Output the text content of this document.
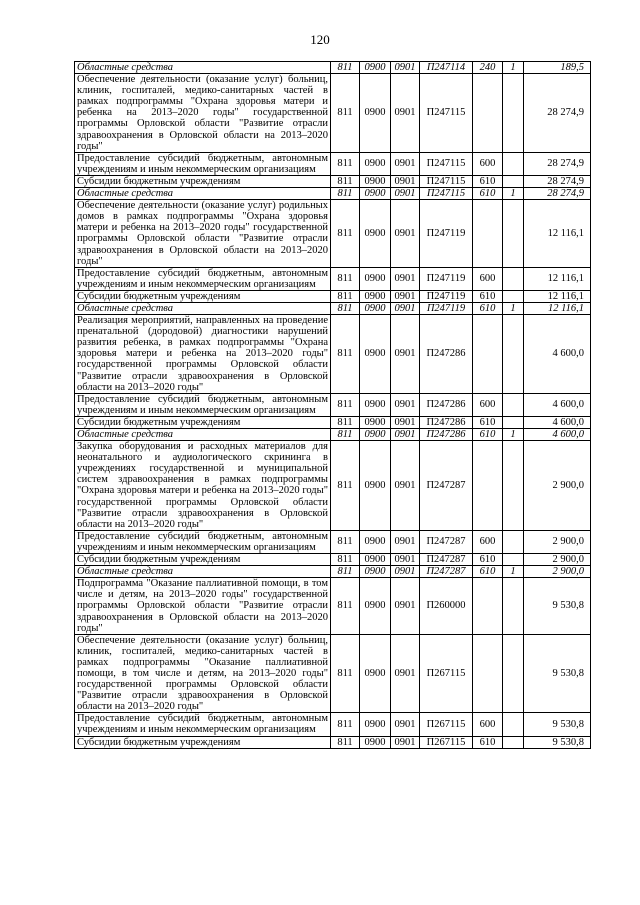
120
Областные средства	811	0900	0901	П247114	240	1	189,5
Обеспечение деятельности (оказание услуг) больниц, клиник, госпиталей, медико-санитарных частей в рамках подпрограммы "Охрана здоровья матери и ребенка на 2013–2020 годы" государственной программы Орловской области "Развитие отрасли здравоохранения в Орловской области на 2013–2020 годы"	811	0900	0901	П247115			28 274,9
Предоставление субсидий бюджетным, автономным учреждениям и иным некоммерческим организациям	811	0900	0901	П247115	600		28 274,9
Субсидии бюджетным учреждениям	811	0900	0901	П247115	610		28 274,9
Областные средства	811	0900	0901	П247115	610	1	28 274,9
Обеспечение деятельности (оказание услуг) родильных домов в рамках подпрограммы "Охрана здоровья матери и ребенка на 2013–2020 годы" государственной программы Орловской области "Развитие отрасли здравоохранения в Орловской области на 2013–2020 годы"	811	0900	0901	П247119			12 116,1
Предоставление субсидий бюджетным, автономным учреждениям и иным некоммерческим организациям	811	0900	0901	П247119	600		12 116,1
Субсидии бюджетным учреждениям	811	0900	0901	П247119	610		12 116,1
Областные средства	811	0900	0901	П247119	610	1	12 116,1
Реализация мероприятий, направленных на проведение пренатальной (дородовой) диагностики нарушений развития ребенка, в рамках подпрограммы "Охрана здоровья матери и ребенка на 2013–2020 годы" государственной программы Орловской области "Развитие отрасли здравоохранения в Орловской области на 2013–2020 годы"	811	0900	0901	П247286			4 600,0
Предоставление субсидий бюджетным, автономным учреждениям и иным некоммерческим организациям	811	0900	0901	П247286	600		4 600,0
Субсидии бюджетным учреждениям	811	0900	0901	П247286	610		4 600,0
Областные средства	811	0900	0901	П247286	610	1	4 600,0
Закупка оборудования и расходных материалов для неонатального и аудиологического скрининга в учреждениях государственной и муниципальной систем здравоохранения в рамках подпрограммы "Охрана здоровья матери и ребенка на 2013–2020 годы" государственной программы Орловской области "Развитие отрасли здравоохранения в Орловской области на 2013–2020 годы"	811	0900	0901	П247287			2 900,0
Предоставление субсидий бюджетным, автономным учреждениям и иным некоммерческим организациям	811	0900	0901	П247287	600		2 900,0
Субсидии бюджетным учреждениям	811	0900	0901	П247287	610		2 900,0
Областные средства	811	0900	0901	П247287	610	1	2 900,0
Подпрограмма "Оказание паллиативной помощи, в том числе и детям, на 2013–2020 годы" государственной программы Орловской области "Развитие отрасли здравоохранения в Орловской области на 2013–2020 годы"	811	0900	0901	П260000			9 530,8
Обеспечение деятельности (оказание услуг) больниц, клиник, госпиталей, медико-санитарных частей в рамках подпрограммы "Оказание паллиативной помощи, в том числе и детям, на 2013–2020 годы" государственной программы Орловской области "Развитие отрасли здравоохранения в Орловской области на 2013–2020 годы"	811	0900	0901	П267115			9 530,8
Предоставление субсидий бюджетным, автономным учреждениям и иным некоммерческим организациям	811	0900	0901	П267115	600		9 530,8
Субсидии бюджетным учреждениям	811	0900	0901	П267115	610		9 530,8
